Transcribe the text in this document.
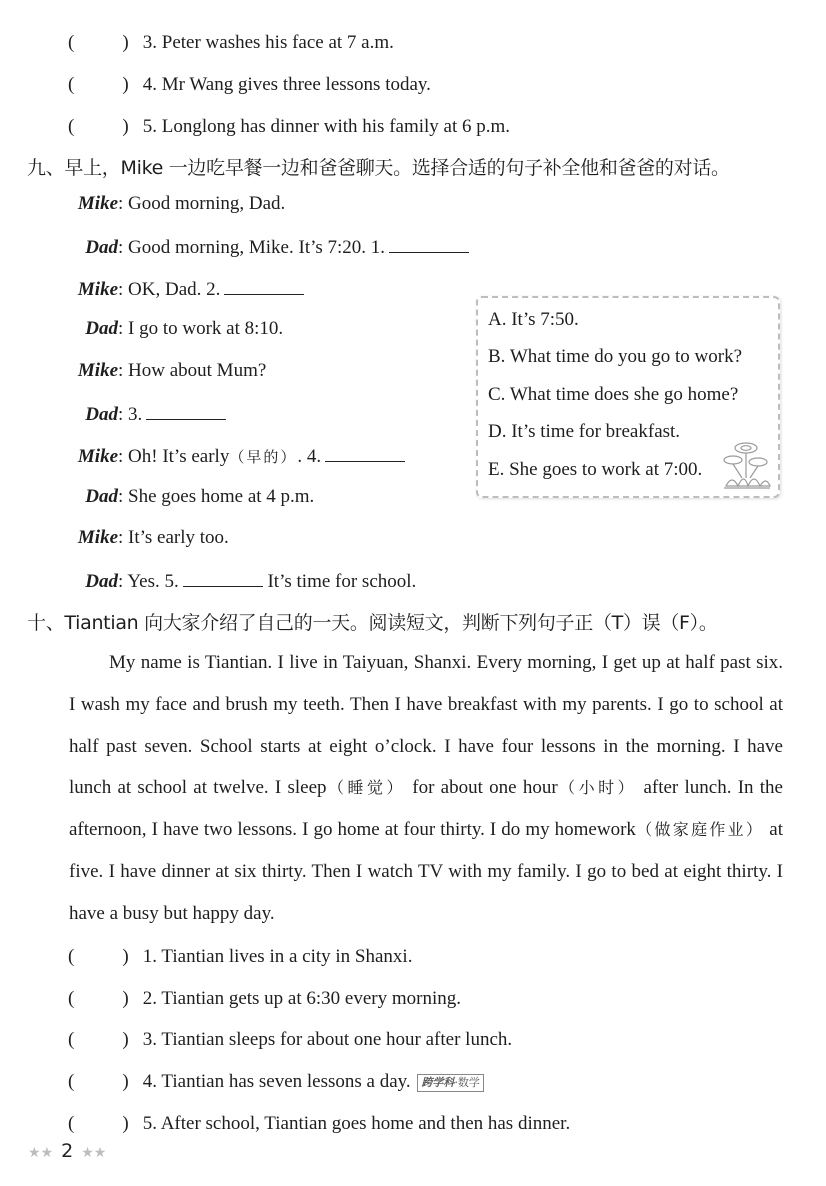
(	) 3. Peter washes his face at 7 a.m.
(	) 4. Mr Wang gives three lessons today.
(	) 5. Longlong has dinner with his family at 6 p.m.
九、早上，Mike 一边吃早餐一边和爸爸聊天。选择合适的句子补全他和爸爸的对话。
Mike: Good morning, Dad.
Dad: Good morning, Mike. It’s 7:20. 1.
Mike: OK, Dad. 2.
Dad: I go to work at 8:10.
Mike: How about Mum?
Dad: 3.
Mike: Oh! It’s early（早的）. 4.
Dad: She goes home at 4 p.m.
Mike: It’s early too.
Dad: Yes. 5.	It’s time for school.
A. It’s 7:50.
B. What time do you go to work?
C. What time does she go home?
D. It’s time for breakfast.
E. She goes to work at 7:00.
十、Tiantian 向大家介绍了自己的一天。阅读短文，判断下列句子正（T）误（F）。
My name is Tiantian. I live in Taiyuan, Shanxi. Every morning, I get up at half past six. I wash my face and brush my teeth. Then I have breakfast with my parents. I go to school at half past seven. School starts at eight o’clock. I have four lessons in the morning. I have lunch at school at twelve. I sleep（睡觉） for about one hour（小时） after lunch. In the afternoon, I have two lessons. I go home at four thirty. I do my homework（做家庭作业） at five. I have dinner at six thirty. Then I watch TV with my family. I go to bed at eight thirty. I have a busy but happy day.
(	) 1. Tiantian lives in a city in Shanxi.
(	) 2. Tiantian gets up at 6:30 every morning.
(	) 3. Tiantian sleeps for about one hour after lunch.
(	) 4. Tiantian has seven lessons a day. 跨学科·数学
(	) 5. After school, Tiantian goes home and then has dinner.
★★ 2 ★★
